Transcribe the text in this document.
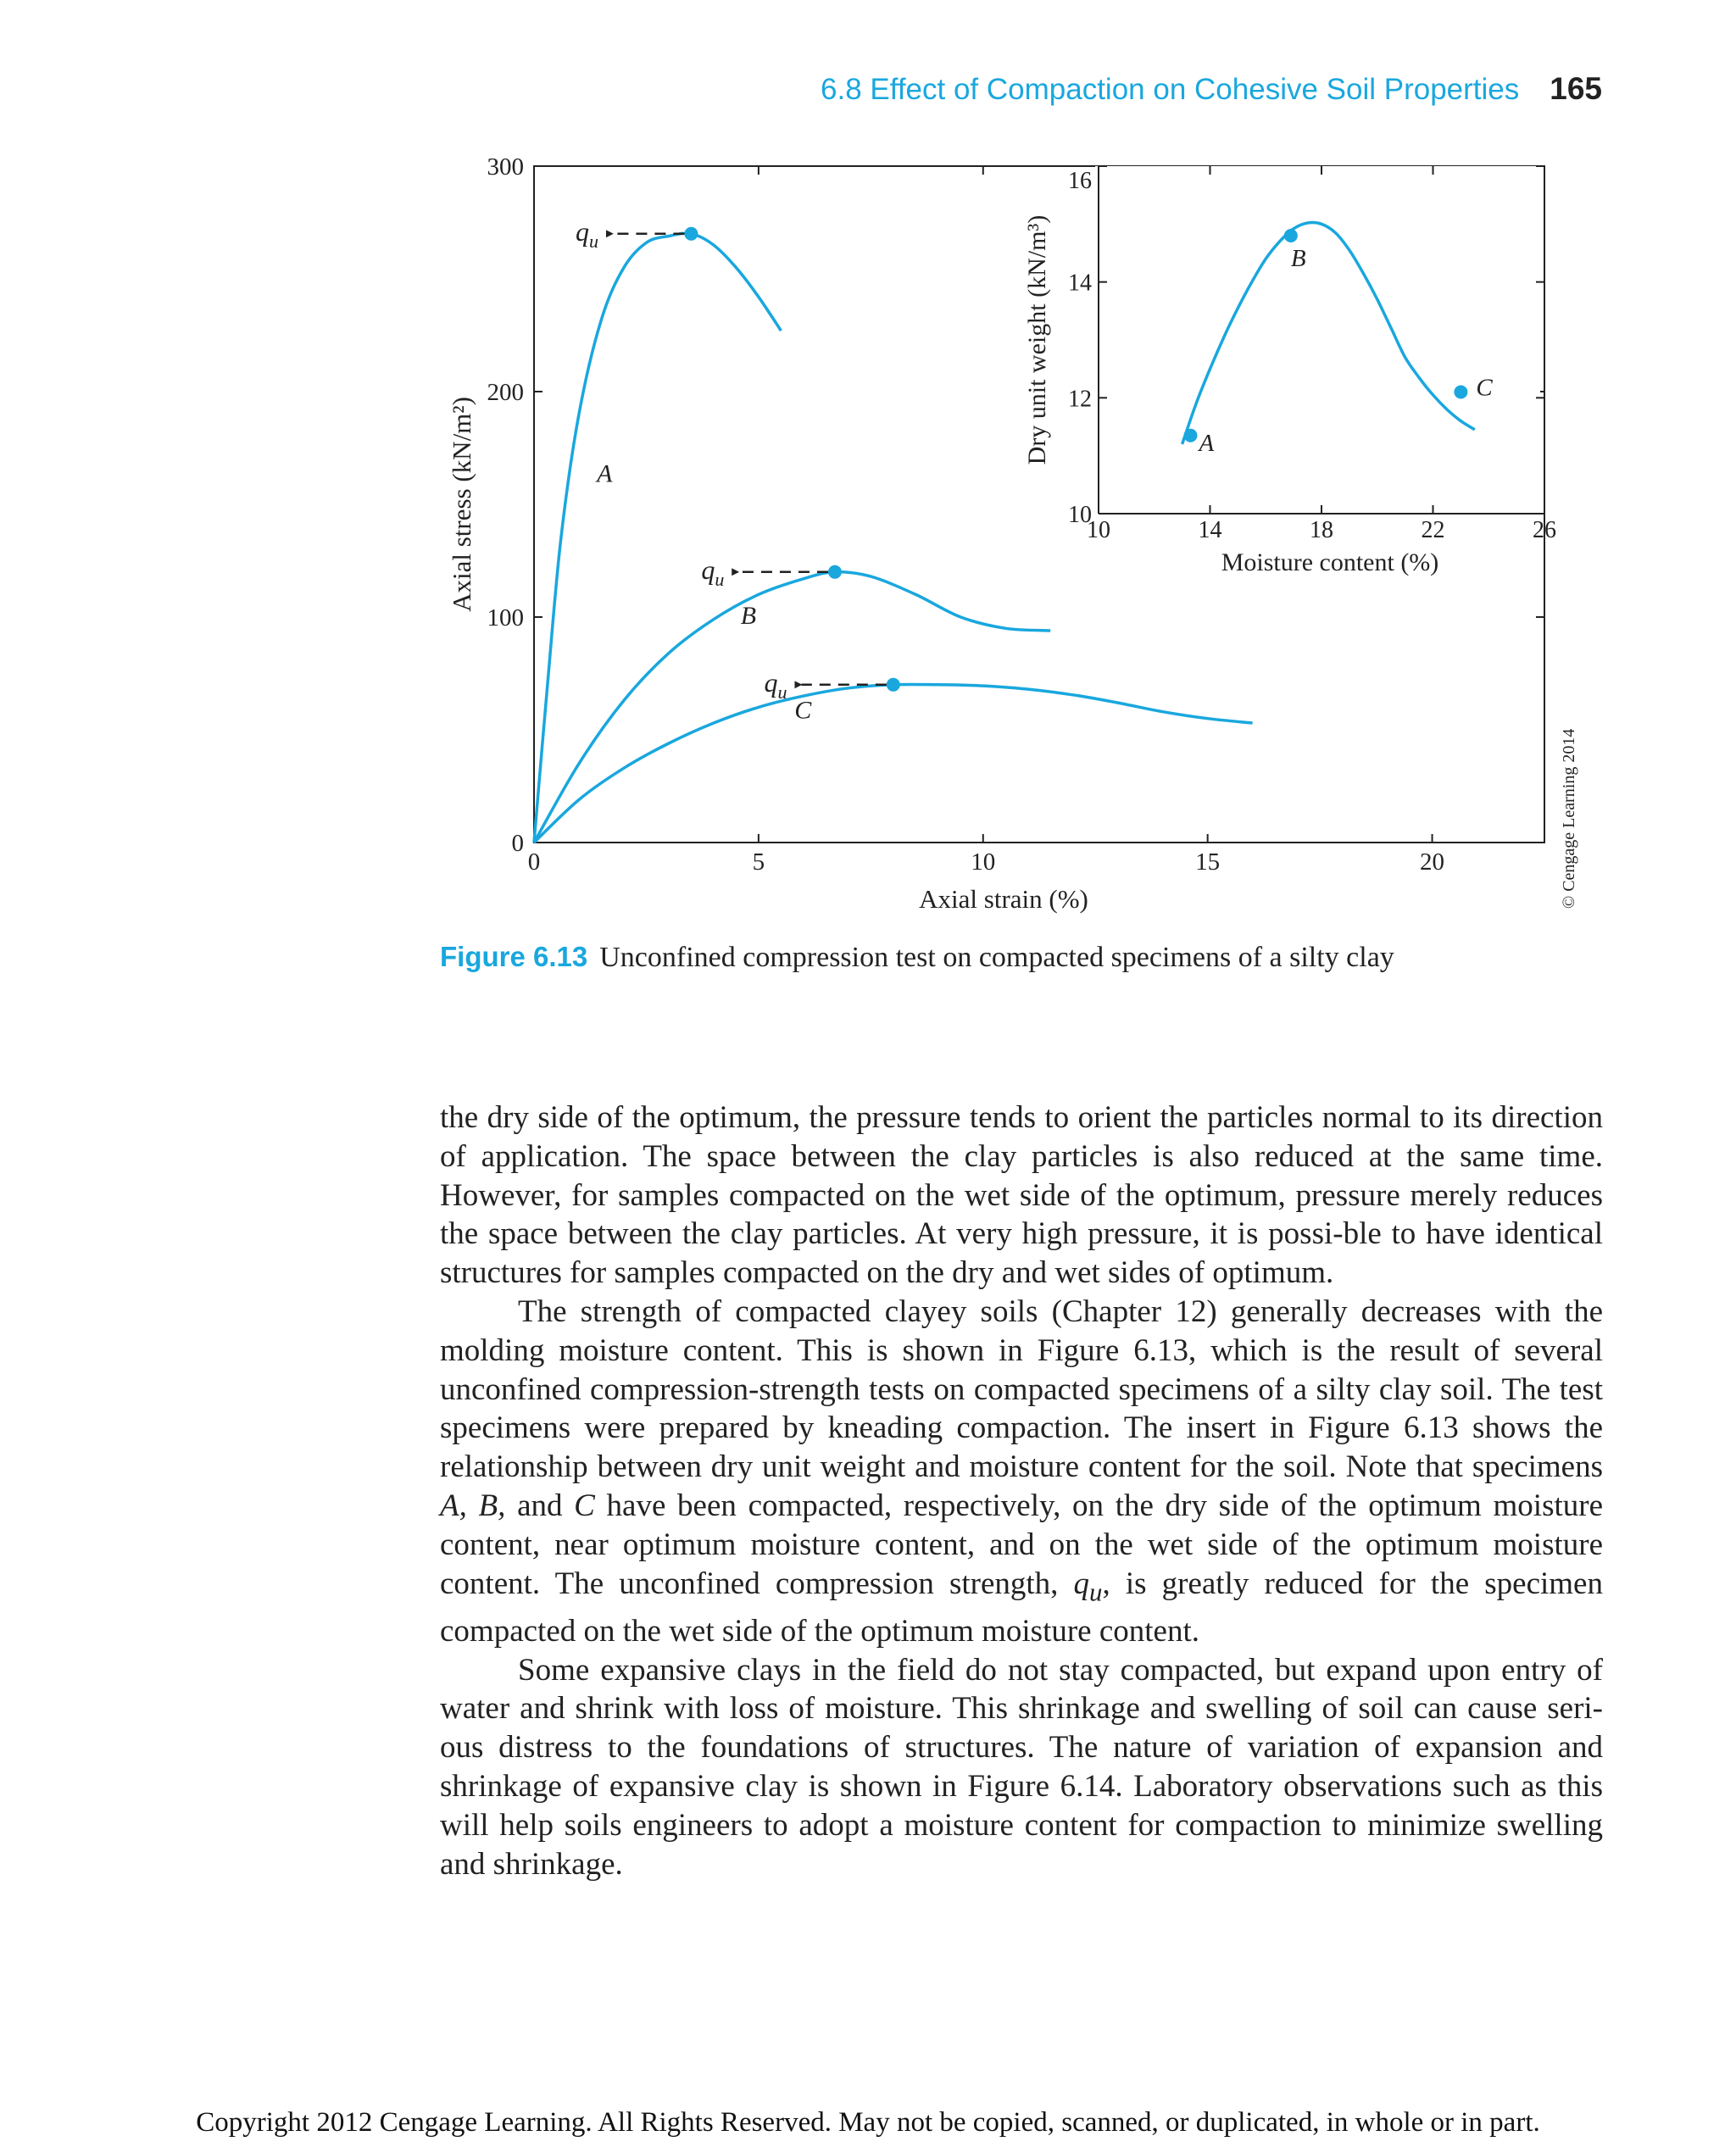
6.8 Effect of Compaction on Cohesive Soil Properties 165
0	5	10	15	20
0
100
200
300
Axial strain (%)
Axial stress (kN/m²)
$q_u$
$q_u$
$q_u$
A
B
C
10	14	18	22	26
10
12
14
16
Moisture content (%)
Dry unit weight (kN/m³)	A
B
C
© Cengage Learning 2014
Figure 6.13 Unconfined compression test on compacted specimens of a silty clay

the dry side of the optimum, the pressure tends to orient the particles normal to its direction of application. The space between the clay particles is also reduced at the same time. However, for samples compacted on the wet side of the optimum, pressure merely reduces the space between the clay particles. At very high pressure, it is possi-ble to have identical structures for samples compacted on the dry and wet sides of optimum.

The strength of compacted clayey soils (Chapter 12) generally decreases with the molding moisture content. This is shown in Figure 6.13, which is the result of several unconfined compression-strength tests on compacted specimens of a silty clay soil. The test specimens were prepared by kneading compaction. The insert in Figure 6.13 shows the relationship between dry unit weight and moisture content for the soil. Note that specimens A, B, and C have been compacted, respectively, on the dry side of the optimum moisture content, near optimum moisture content, and on the wet side of the optimum moisture content. The unconfined compression strength, $q_u$, is greatly reduced for the specimen compacted on the wet side of the optimum moisture content.

Some expansive clays in the field do not stay compacted, but expand upon entry of water and shrink with loss of moisture. This shrinkage and swelling of soil can cause seri-ous distress to the foundations of structures. The nature of variation of expansion and shrinkage of expansive clay is shown in Figure 6.14. Laboratory observations such as this will help soils engineers to adopt a moisture content for compaction to minimize swelling and shrinkage.

Copyright 2012 Cengage Learning. All Rights Reserved. May not be copied, scanned, or duplicated, in whole or in part.
